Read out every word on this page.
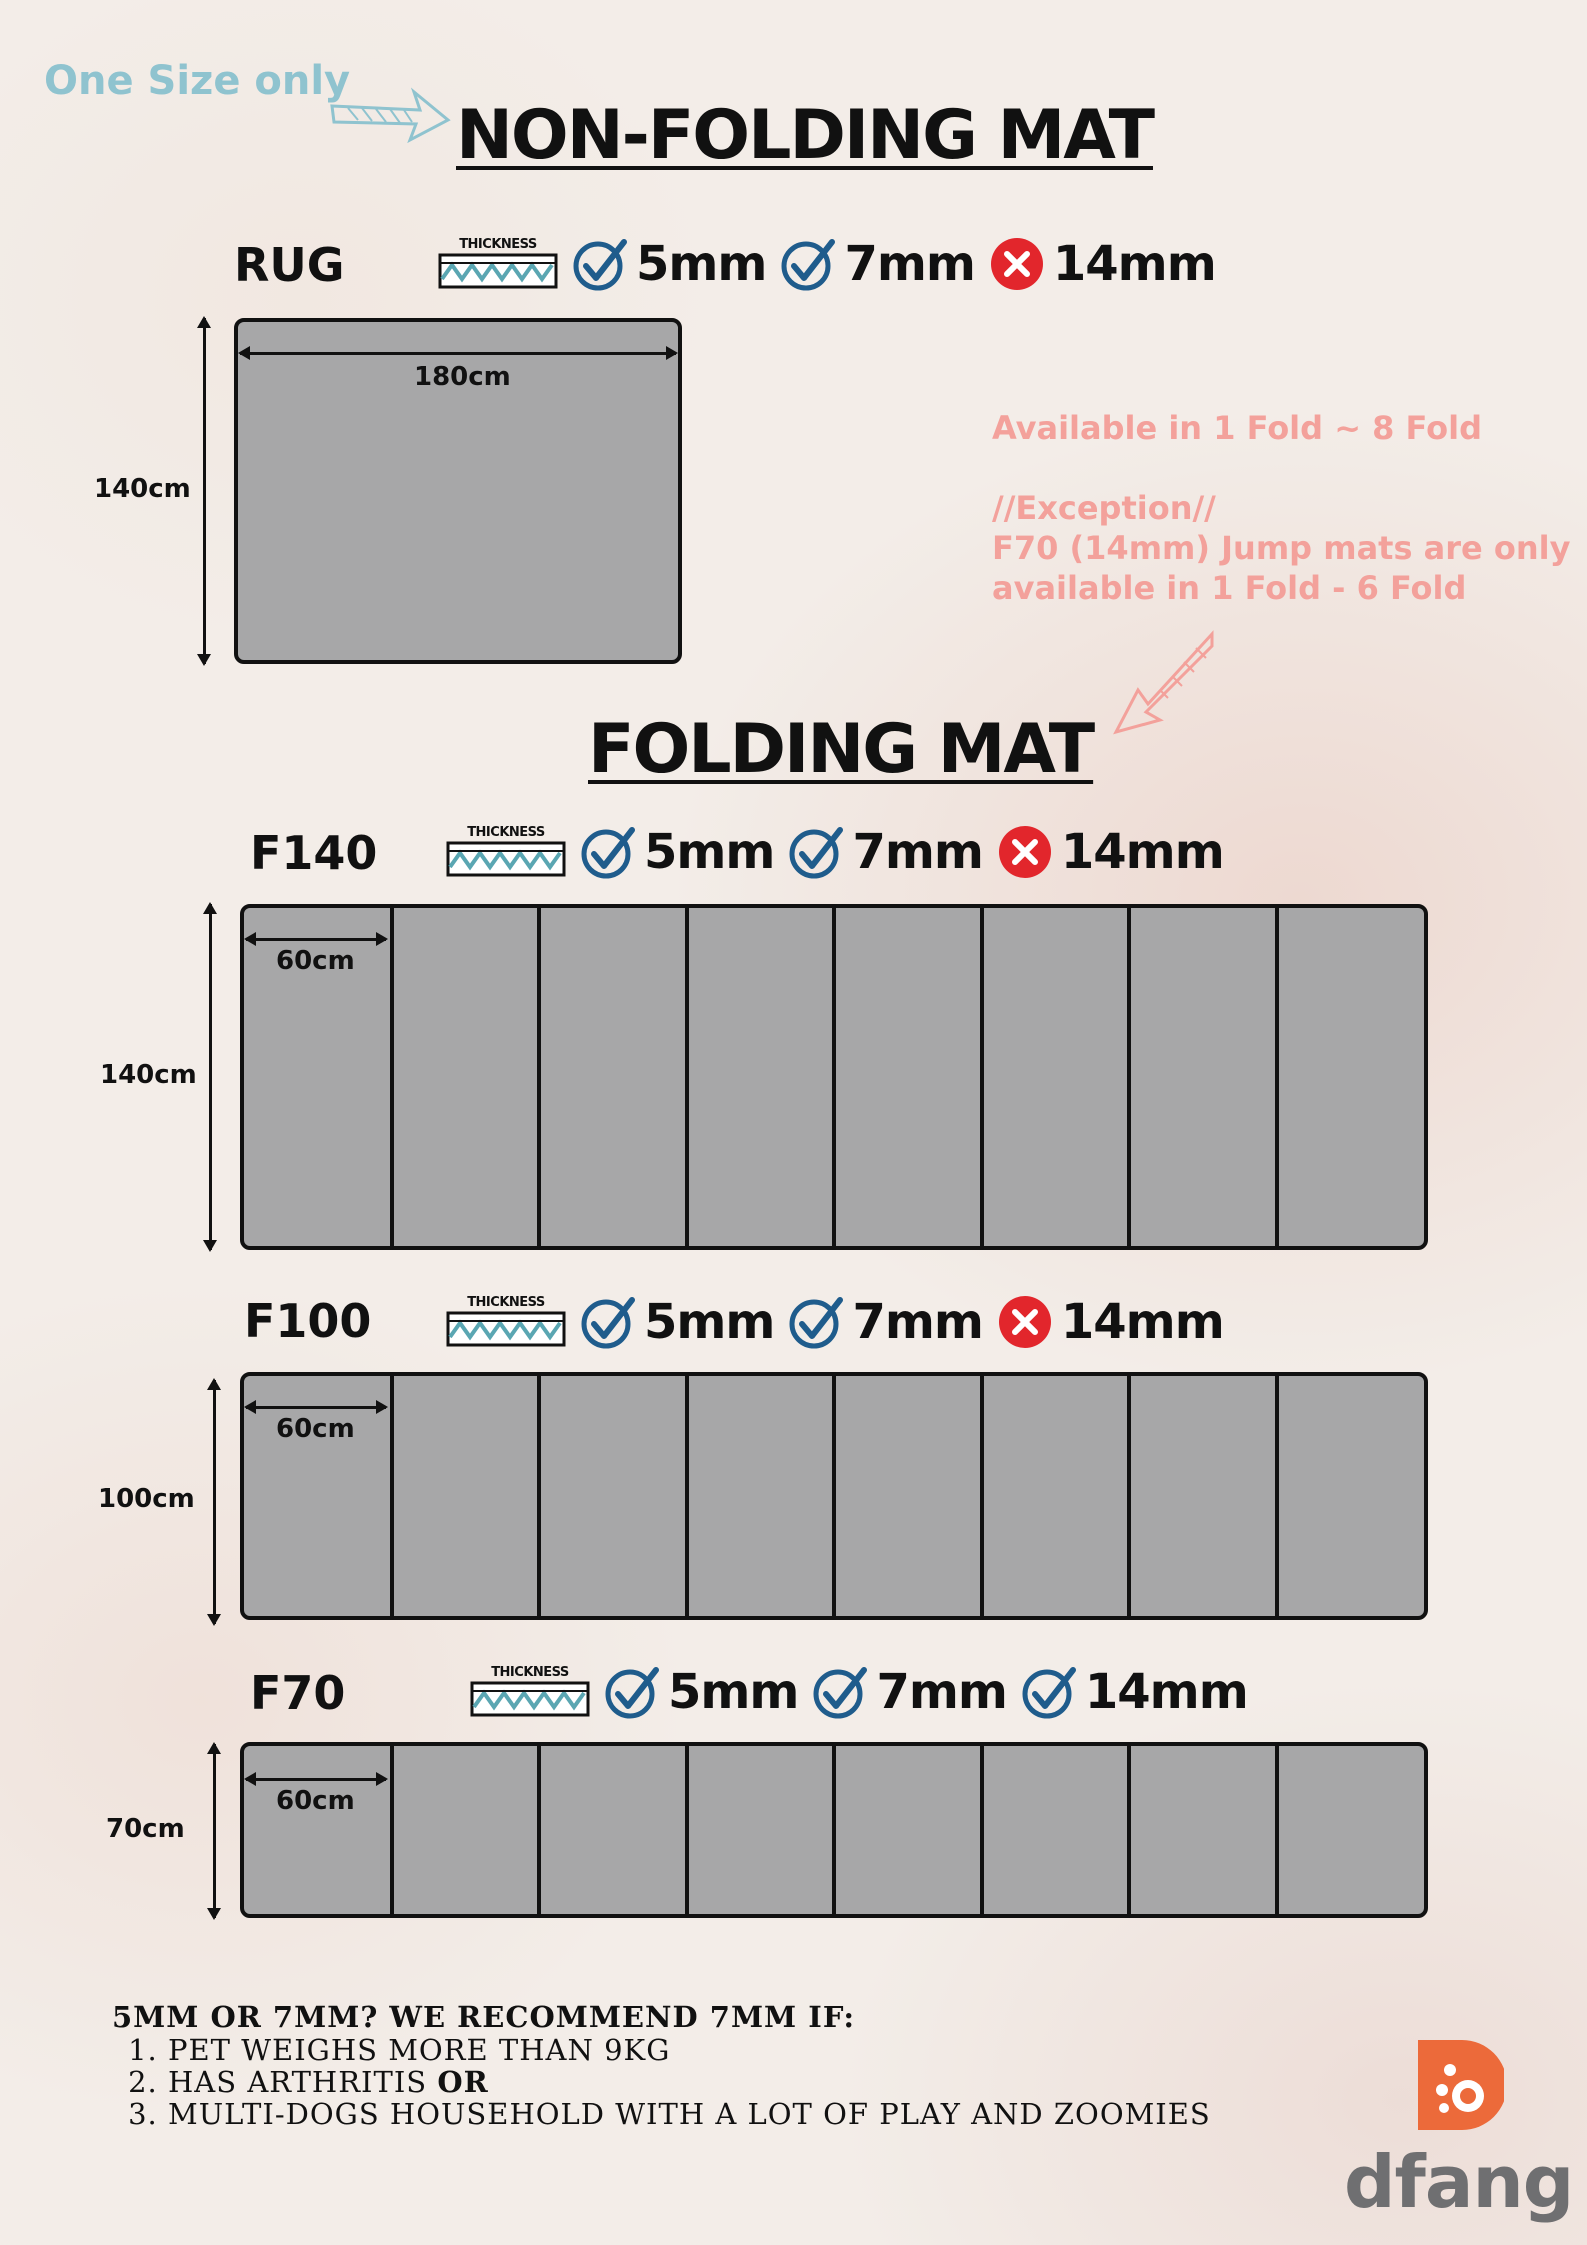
One Size only
NON-FOLDING MAT
FOLDING MAT
Available in 1 Fold ~ 8 Fold
//Exception//
F70 (14mm) Jump mats are only
available in 1 Fold - 6 Fold
RUG	THICKNESS	5mm 7mm 14mm
180cm
140cm
F140	THICKNESS	5mm 7mm 14mm
60cm
140cm
F100	THICKNESS	5mm 7mm 14mm
60cm
100cm
F70	THICKNESS	5mm 7mm 14mm
60cm
70cm
5MM OR 7MM? WE RECOMMEND 7MM IF:
1. PET WEIGHS MORE THAN 9KG
2. HAS ARTHRITIS OR
3. MULTI-DOGS HOUSEHOLD WITH A LOT OF PLAY AND ZOOMIES
dfang
